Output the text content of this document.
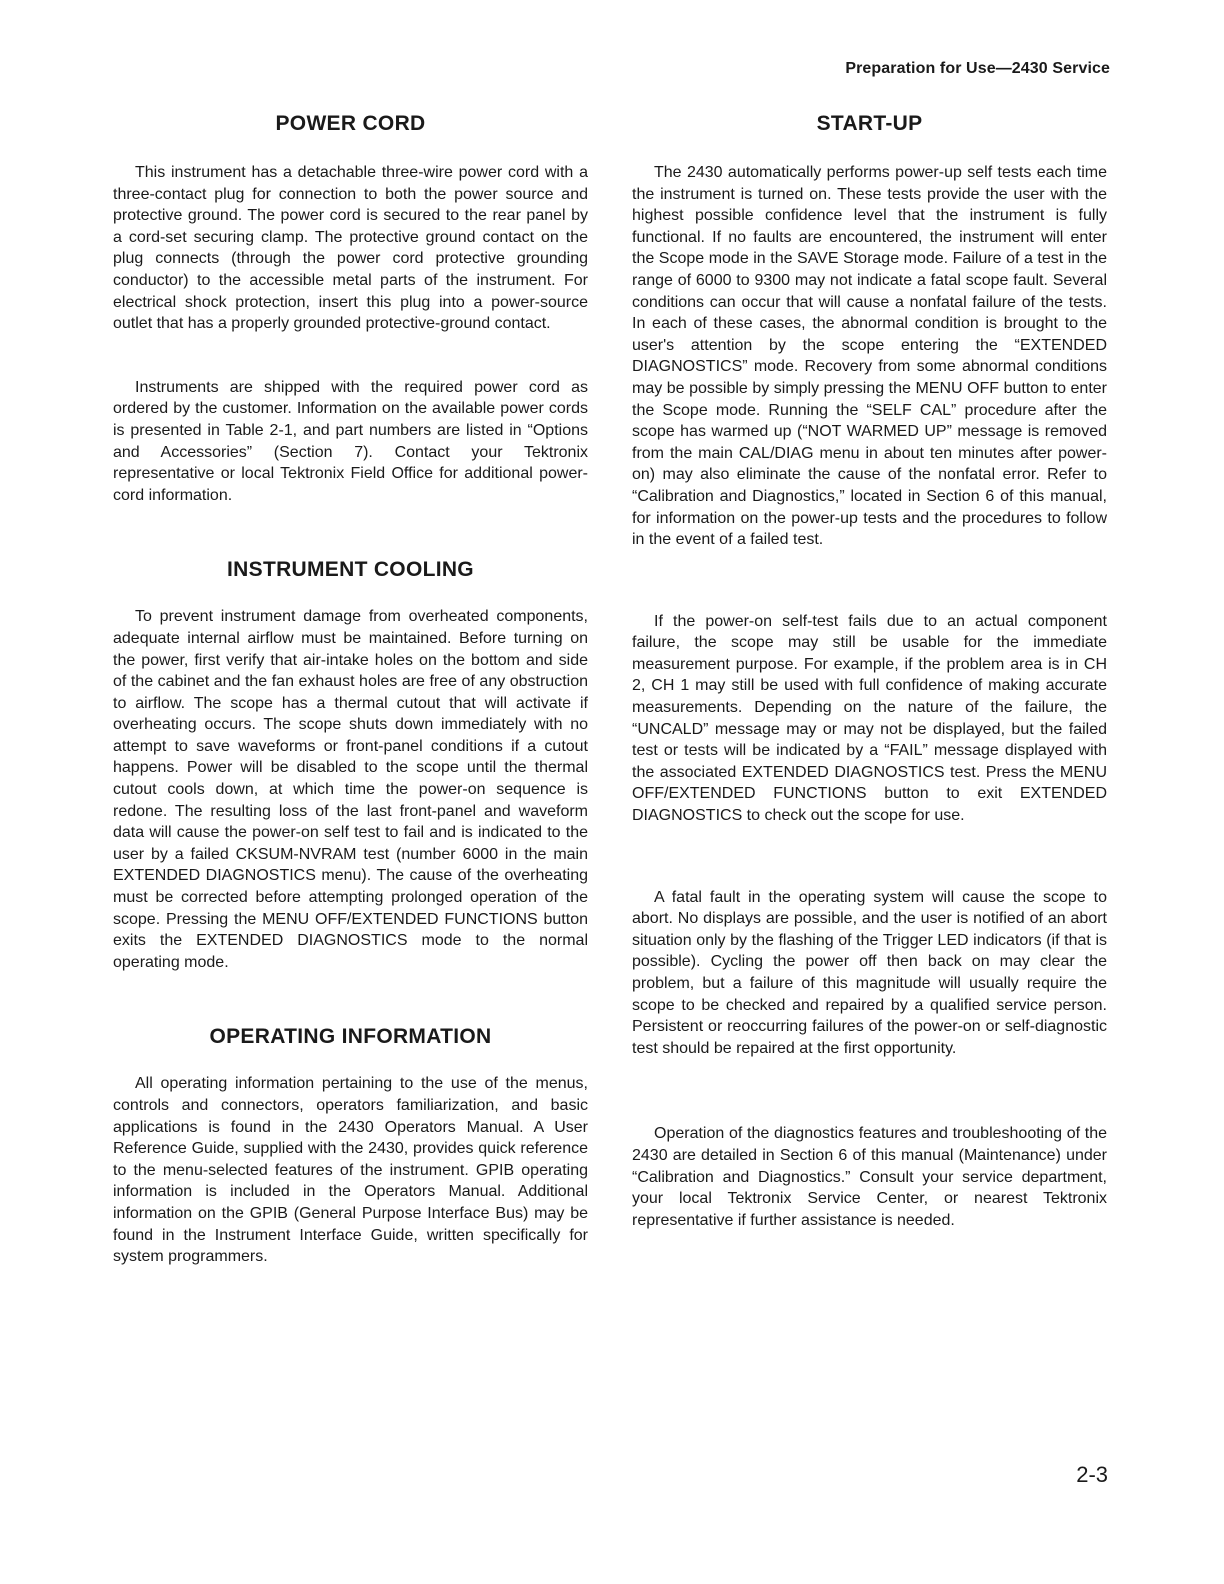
Preparation for Use—2430 Service
POWER CORD

This instrument has a detachable three-wire power cord with a three-contact plug for connection to both the power source and protective ground. The power cord is secured to the rear panel by a cord-set securing clamp. The protective ground contact on the plug connects (through the power cord protective grounding conductor) to the accessible metal parts of the instrument. For electrical shock protection, insert this plug into a power-source outlet that has a properly grounded protective-ground contact.

Instruments are shipped with the required power cord as ordered by the customer. Information on the available power cords is presented in Table 2-1, and part numbers are listed in “Options and Accessories” (Section 7). Contact your Tektronix representative or local Tektronix Field Office for additional power-cord information.

INSTRUMENT COOLING

To prevent instrument damage from overheated components, adequate internal airflow must be maintained. Before turning on the power, first verify that air-intake holes on the bottom and side of the cabinet and the fan exhaust holes are free of any obstruction to airflow. The scope has a thermal cutout that will activate if overheating occurs. The scope shuts down immediately with no attempt to save waveforms or front-panel conditions if a cutout happens. Power will be disabled to the scope until the thermal cutout cools down, at which time the power-on sequence is redone. The resulting loss of the last front-panel and waveform data will cause the power-on self test to fail and is indicated to the user by a failed CKSUM-NVRAM test (number 6000 in the main EXTENDED DIAGNOSTICS menu). The cause of the overheating must be corrected before attempting prolonged operation of the scope. Pressing the MENU OFF/EXTENDED FUNCTIONS button exits the EXTENDED DIAGNOSTICS mode to the normal operating mode.

OPERATING INFORMATION

All operating information pertaining to the use of the menus, controls and connectors, operators familiarization, and basic applications is found in the 2430 Operators Manual. A User Reference Guide, supplied with the 2430, provides quick reference to the menu-selected features of the instrument. GPIB operating information is included in the Operators Manual. Additional information on the GPIB (General Purpose Interface Bus) may be found in the Instrument Interface Guide, written specifically for system programmers.

START-UP

The 2430 automatically performs power-up self tests each time the instrument is turned on. These tests provide the user with the highest possible confidence level that the instrument is fully functional. If no faults are encountered, the instrument will enter the Scope mode in the SAVE Storage mode. Failure of a test in the range of 6000 to 9300 may not indicate a fatal scope fault. Several conditions can occur that will cause a nonfatal failure of the tests. In each of these cases, the abnormal condition is brought to the user's attention by the scope entering the “EXTENDED DIAGNOSTICS” mode. Recovery from some abnormal conditions may be possible by simply pressing the MENU OFF button to enter the Scope mode. Running the “SELF CAL” procedure after the scope has warmed up (“NOT WARMED UP” message is removed from the main CAL/DIAG menu in about ten minutes after power-on) may also eliminate the cause of the nonfatal error. Refer to “Calibration and Diagnostics,” located in Section 6 of this manual, for information on the power-up tests and the procedures to follow in the event of a failed test.

If the power-on self-test fails due to an actual component failure, the scope may still be usable for the immediate measurement purpose. For example, if the problem area is in CH 2, CH 1 may still be used with full confidence of making accurate measurements. Depending on the nature of the failure, the “UNCALD” message may or may not be displayed, but the failed test or tests will be indicated by a “FAIL” message displayed with the associated EXTENDED DIAGNOSTICS test. Press the MENU OFF/EXTENDED FUNCTIONS button to exit EXTENDED DIAGNOSTICS to check out the scope for use.

A fatal fault in the operating system will cause the scope to abort. No displays are possible, and the user is notified of an abort situation only by the flashing of the Trigger LED indicators (if that is possible). Cycling the power off then back on may clear the problem, but a failure of this magnitude will usually require the scope to be checked and repaired by a qualified service person. Persistent or reoccurring failures of the power-on or self-diagnostic test should be repaired at the first opportunity.

Operation of the diagnostics features and troubleshooting of the 2430 are detailed in Section 6 of this manual (Maintenance) under “Calibration and Diagnostics.” Consult your service department, your local Tektronix Service Center, or nearest Tektronix representative if further assistance is needed.

2-3
